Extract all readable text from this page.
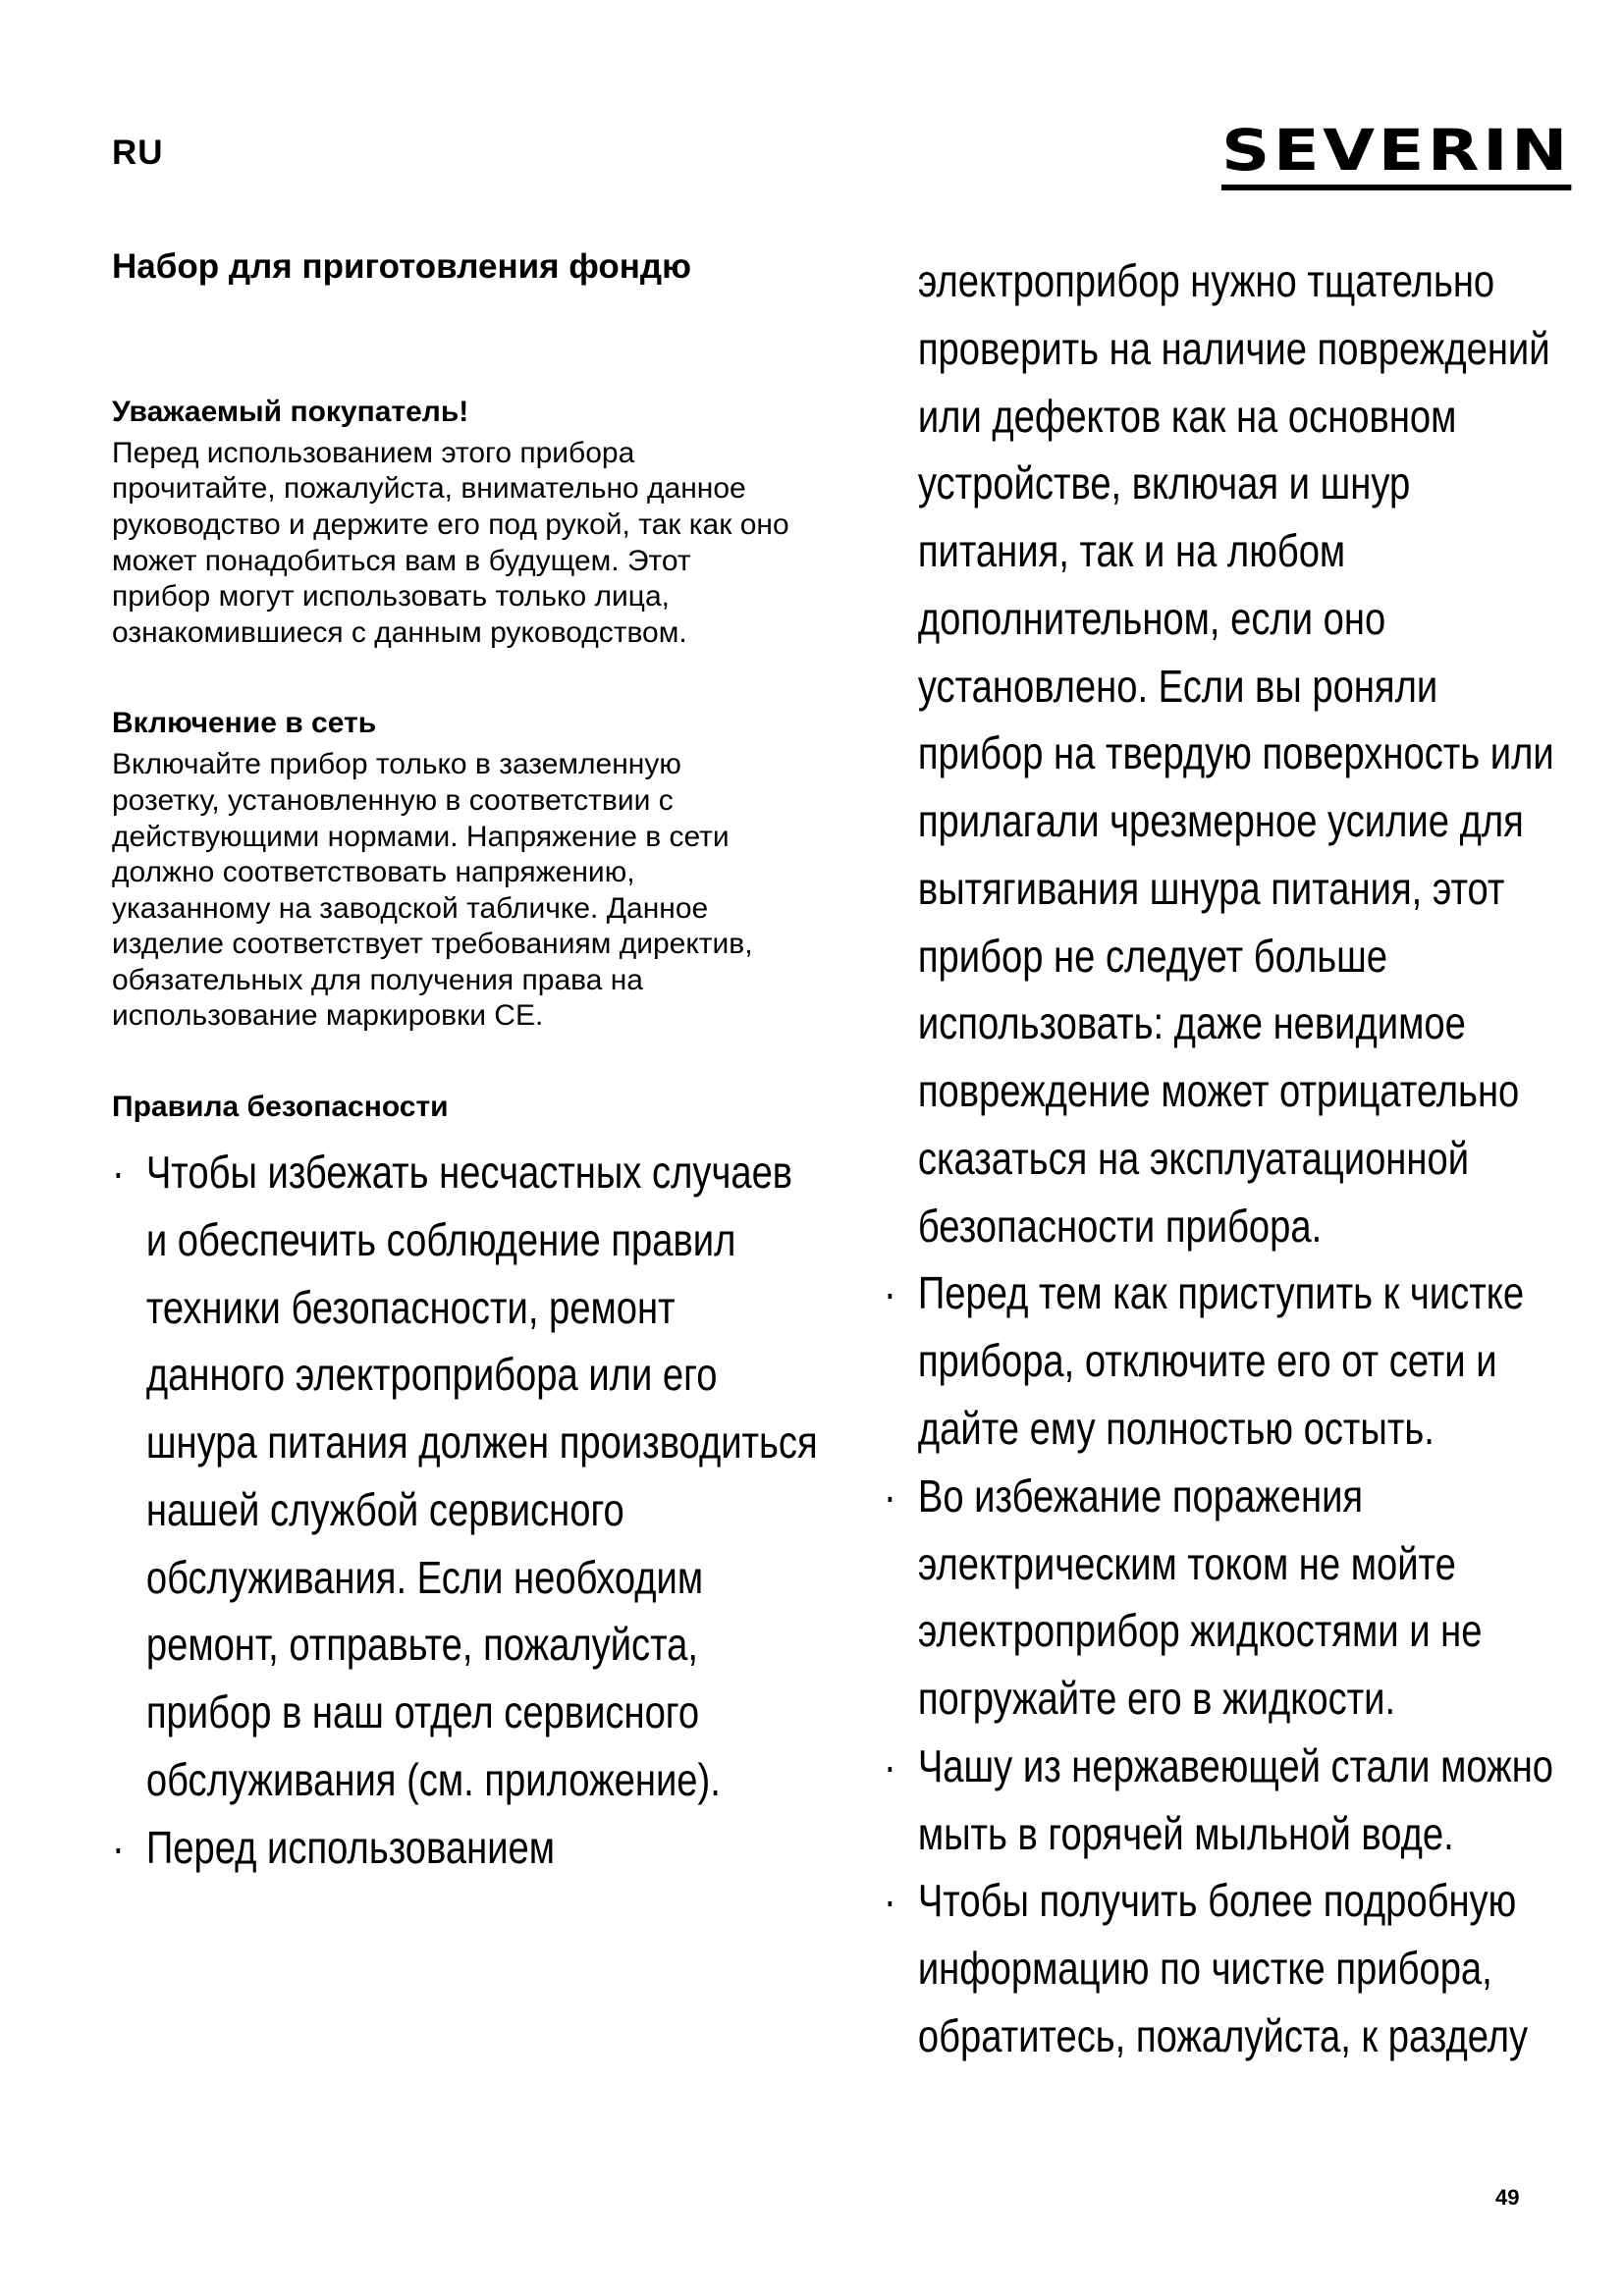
RU	SEVERIN
Набор для приготовления фондю
Уважаемый покупатель!

Перед использованием этого прибора прочитайте, пожалуйста, внимательно данное руководство и держите его под рукой, так как оно может понадобиться вам в будущем. Этот прибор могут использовать только лица, ознакомившиеся с данным руководством.

Включение в сеть

Включайте прибор только в заземленную розетку, установленную в соответствии с действующими нормами. Напряжение в сети должно соответствовать напряжению, указанному на заводской табличке. Данное изделие соответствует требованиям директив, обязательных для получения права на использование маркировки CE.

Правила безопасности
· Чтобы избежать несчастных случаев и обеспечить соблюдение правил техники безопасности, ремонт данного электроприбора или его шнура питания должен производиться нашей службой сервисного обслуживания. Если необходим ремонт, отправьте, пожалуйста, прибор в наш отдел сервисного обслуживания (см. приложение).
· Перед использованием

электроприбор нужно тщательно проверить на наличие повреждений или дефектов как на основном устройстве, включая и шнур питания, так и на любом дополнительном, если оно установлено. Если вы роняли прибор на твердую поверхность или прилагали чрезмерное усилие для вытягивания шнура питания, этот прибор не следует больше использовать: даже невидимое повреждение может отрицательно сказаться на эксплуатационной безопасности прибора.

· Перед тем как приступить к чистке прибора, отключите его от сети и дайте ему полностью остыть.
· Во избежание поражения электрическим током не мойте электроприбор жидкостями и не погружайте его в жидкости.
· Чашу из нержавеющей стали можно мыть в горячей мыльной воде.
· Чтобы получить более подробную информацию по чистке прибора, обратитесь, пожалуйста, к разделу
49
